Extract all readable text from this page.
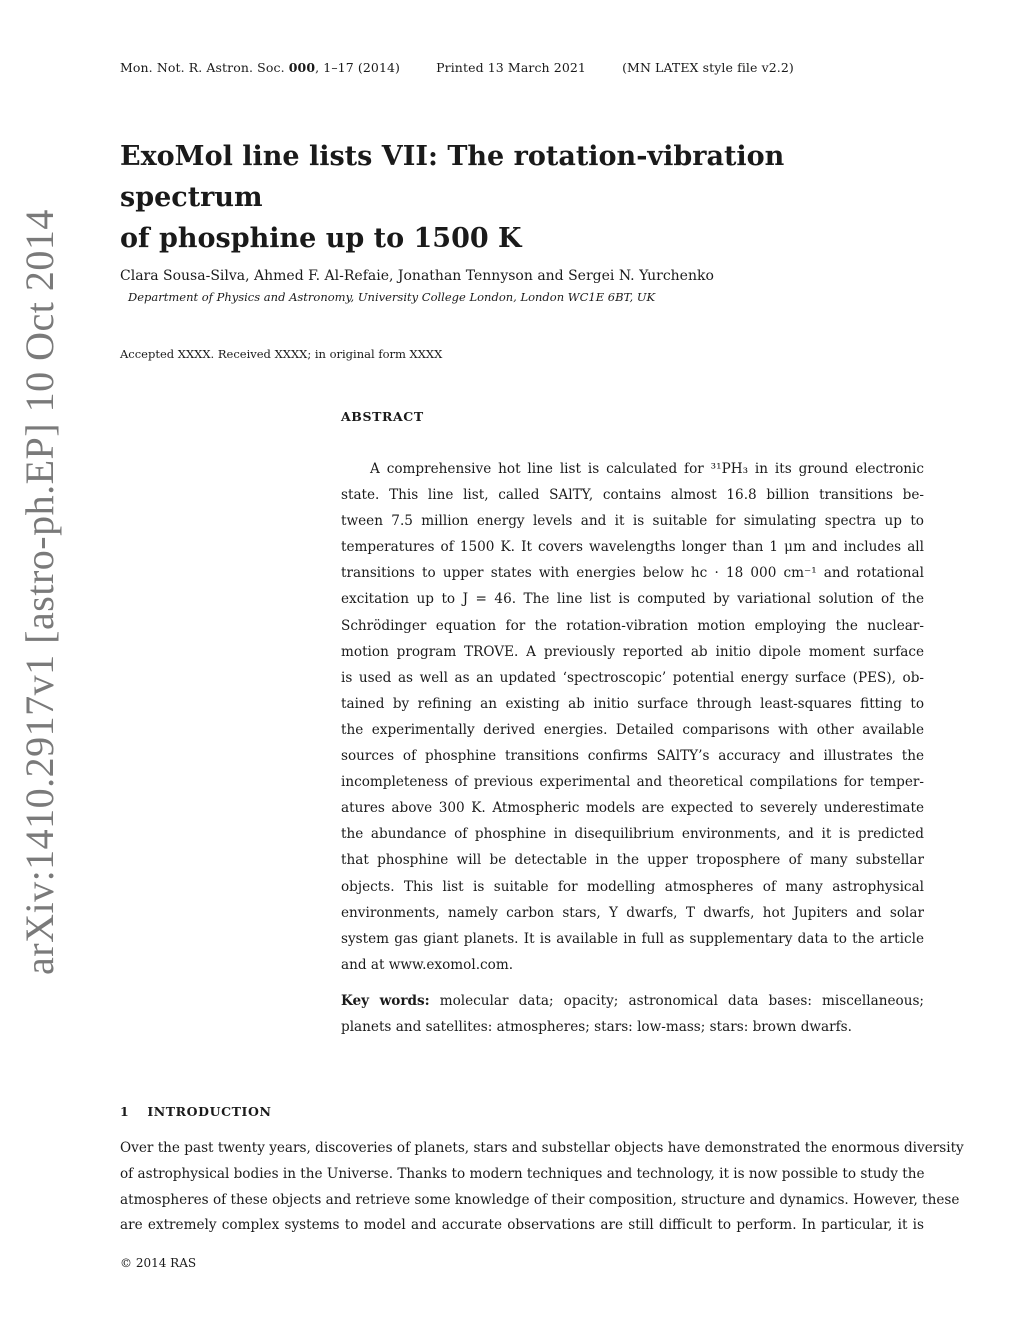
Mon. Not. R. Astron. Soc. 000, 1–17 (2014)	Printed 13 March 2021	(MN LATEX style file v2.2)
arXiv:1410.2917v1 [astro-ph.EP] 10 Oct 2014
ExoMol line lists VII: The rotation-vibration spectrum
of phosphine up to 1500 K
Clara Sousa-Silva, Ahmed F. Al-Refaie, Jonathan Tennyson and Sergei N. Yurchenko
Department of Physics and Astronomy, University College London, London WC1E 6BT, UK
Accepted XXXX. Received XXXX; in original form XXXX
ABSTRACT
A comprehensive hot line list is calculated for ³¹PH₃ in its ground electronic
state. This line list, called SAlTY, contains almost 16.8 billion transitions be-
tween 7.5 million energy levels and it is suitable for simulating spectra up to
temperatures of 1500 K. It covers wavelengths longer than 1 μm and includes all
transitions to upper states with energies below hc · 18 000 cm⁻¹ and rotational
excitation up to J = 46. The line list is computed by variational solution of the
Schrödinger equation for the rotation-vibration motion employing the nuclear-
motion program TROVE. A previously reported ab initio dipole moment surface
is used as well as an updated ‘spectroscopic’ potential energy surface (PES), ob-
tained by refining an existing ab initio surface through least-squares fitting to
the experimentally derived energies. Detailed comparisons with other available
sources of phosphine transitions confirms SAlTY’s accuracy and illustrates the
incompleteness of previous experimental and theoretical compilations for temper-
atures above 300 K. Atmospheric models are expected to severely underestimate
the abundance of phosphine in disequilibrium environments, and it is predicted
that phosphine will be detectable in the upper troposphere of many substellar
objects. This list is suitable for modelling atmospheres of many astrophysical
environments, namely carbon stars, Y dwarfs, T dwarfs, hot Jupiters and solar
system gas giant planets. It is available in full as supplementary data to the article
and at www.exomol.com.
Key words: molecular data; opacity; astronomical data bases: miscellaneous;
planets and satellites: atmospheres; stars: low-mass; stars: brown dwarfs.
1 INTRODUCTION
Over the past twenty years, discoveries of planets, stars and substellar objects have demonstrated the enormous diversity
of astrophysical bodies in the Universe. Thanks to modern techniques and technology, it is now possible to study the
atmospheres of these objects and retrieve some knowledge of their composition, structure and dynamics. However, these
are extremely complex systems to model and accurate observations are still difficult to perform. In particular, it is
© 2014 RAS
